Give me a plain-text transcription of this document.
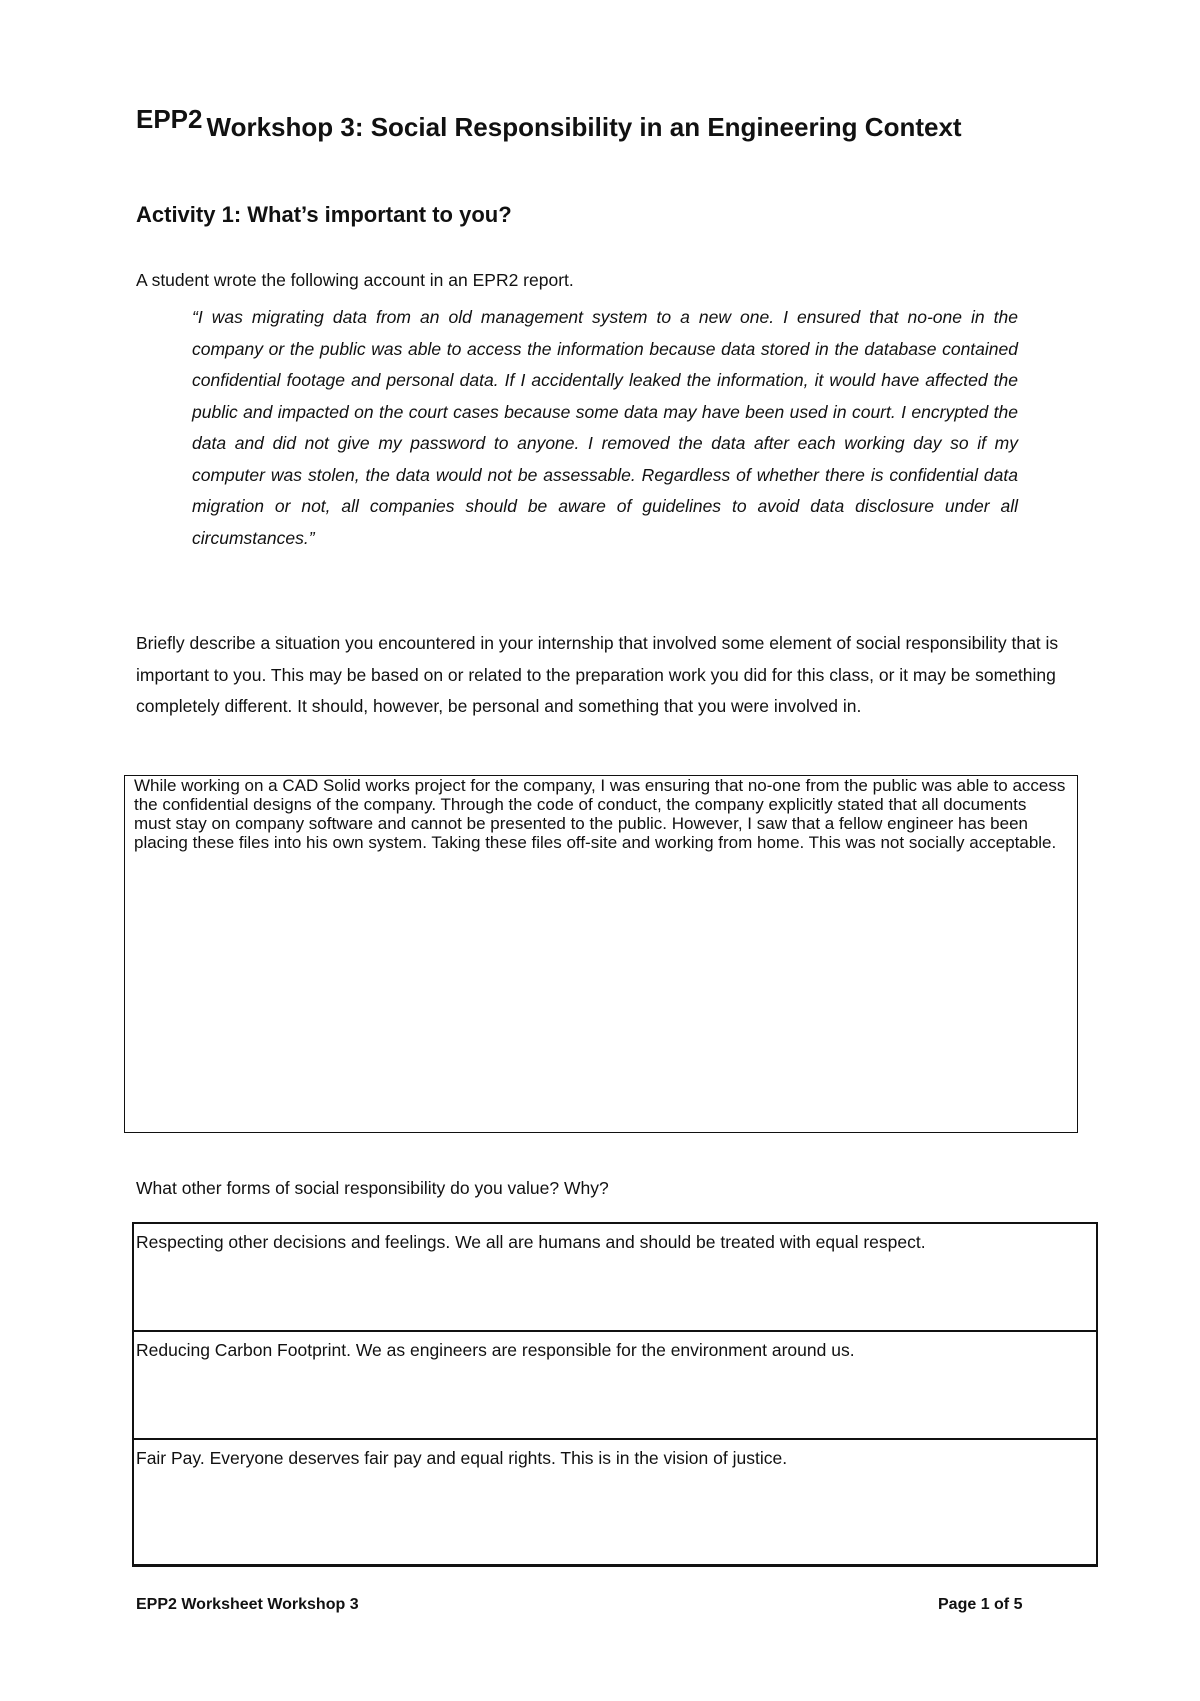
EPP2 Workshop 3: Social Responsibility in an Engineering Context
Activity 1: What’s important to you?
A student wrote the following account in an EPR2 report.
“I was migrating data from an old management system to a new one. I ensured that no-one in the company or the public was able to access the information because data stored in the database contained confidential footage and personal data. If I accidentally leaked the information, it would have affected the public and impacted on the court cases because some data may have been used in court. I encrypted the data and did not give my password to anyone. I removed the data after each working day so if my computer was stolen, the data would not be assessable. Regardless of whether there is confidential data migration or not, all companies should be aware of guidelines to avoid data disclosure under all circumstances.”
Briefly describe a situation you encountered in your internship that involved some element of social responsibility that is important to you. This may be based on or related to the preparation work you did for this class, or it may be something completely different. It should, however, be personal and something that you were involved in.
While working on a CAD Solid works project for the company, I was ensuring that no-one from the public was able to access the confidential designs of the company. Through the code of conduct, the company explicitly stated that all documents must stay on company software and cannot be presented to the public. However, I saw that a fellow engineer has been placing these files into his own system. Taking these files off-site and working from home. This was not socially acceptable.
What other forms of social responsibility do you value? Why?
Respecting other decisions and feelings. We all are humans and should be treated with equal respect.
Reducing Carbon Footprint. We as engineers are responsible for the environment around us.
Fair Pay. Everyone deserves fair pay and equal rights. This is in the vision of justice.
EPP2 Worksheet Workshop 3	Page 1 of 5
